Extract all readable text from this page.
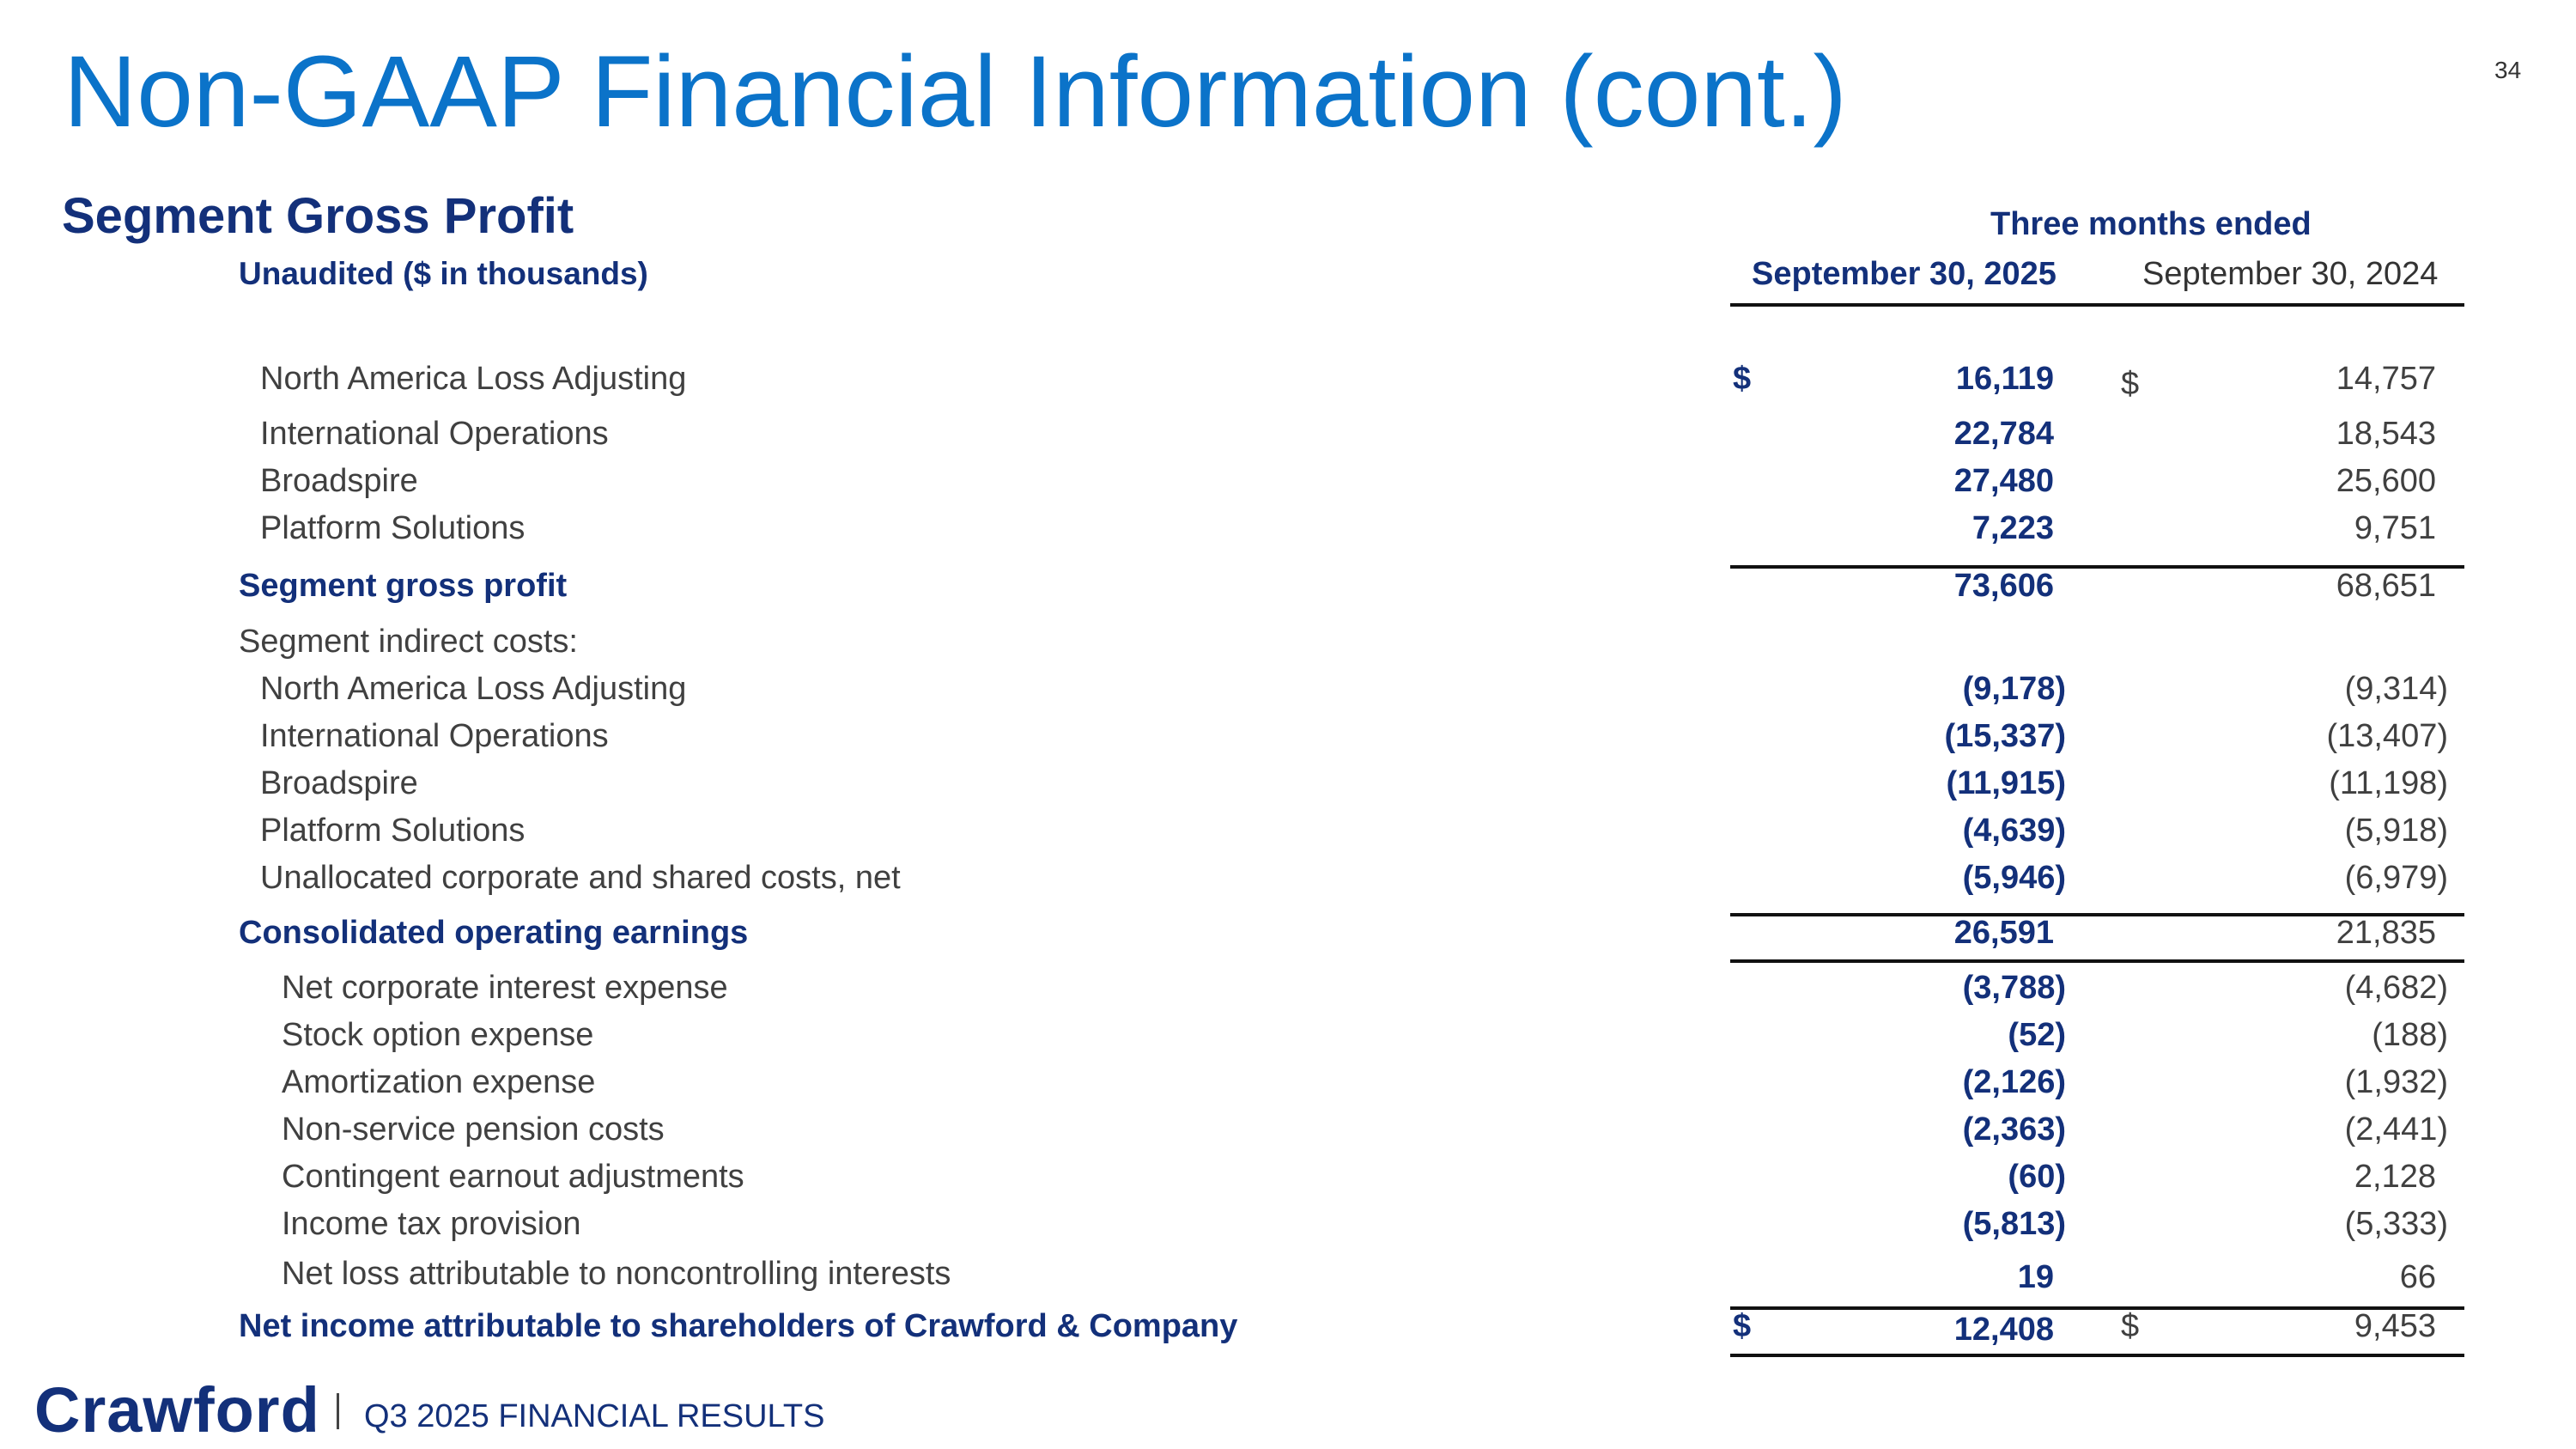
Non-GAAP Financial Information (cont.)	34
Segment Gross Profit	Three months ended
Unaudited ($ in thousands)	September 30, 2025	September 30, 2024
North America Loss Adjusting	$	16,119 $	14,757
International Operations	22,784	18,543
Broadspire	27,480	25,600
Platform Solutions	7,223	9,751
Segment gross profit	73,606	68,651
Segment indirect costs:
North America Loss Adjusting	(9,178)	(9,314)
International Operations	(15,337)	(13,407)
Broadspire	(11,915)	(11,198)
Platform Solutions	(4,639)	(5,918)
Unallocated corporate and shared costs, net	(5,946)	(6,979)
Consolidated operating earnings	26,591	21,835
Net corporate interest expense	(3,788)	(4,682)
Stock option expense	(52)	(188)
Amortization expense	(2,126)	(1,932)
Non-service pension costs	(2,363)	(2,441)
Contingent earnout adjustments	(60)	2,128
Income tax provision	(5,813)	(5,333)
Net loss attributable to noncontrolling interests	19	66
Net income attributable to shareholders of Crawford & Company	$	12,408 $	9,453
Crawford Q3 2025 FINANCIAL RESULTS
